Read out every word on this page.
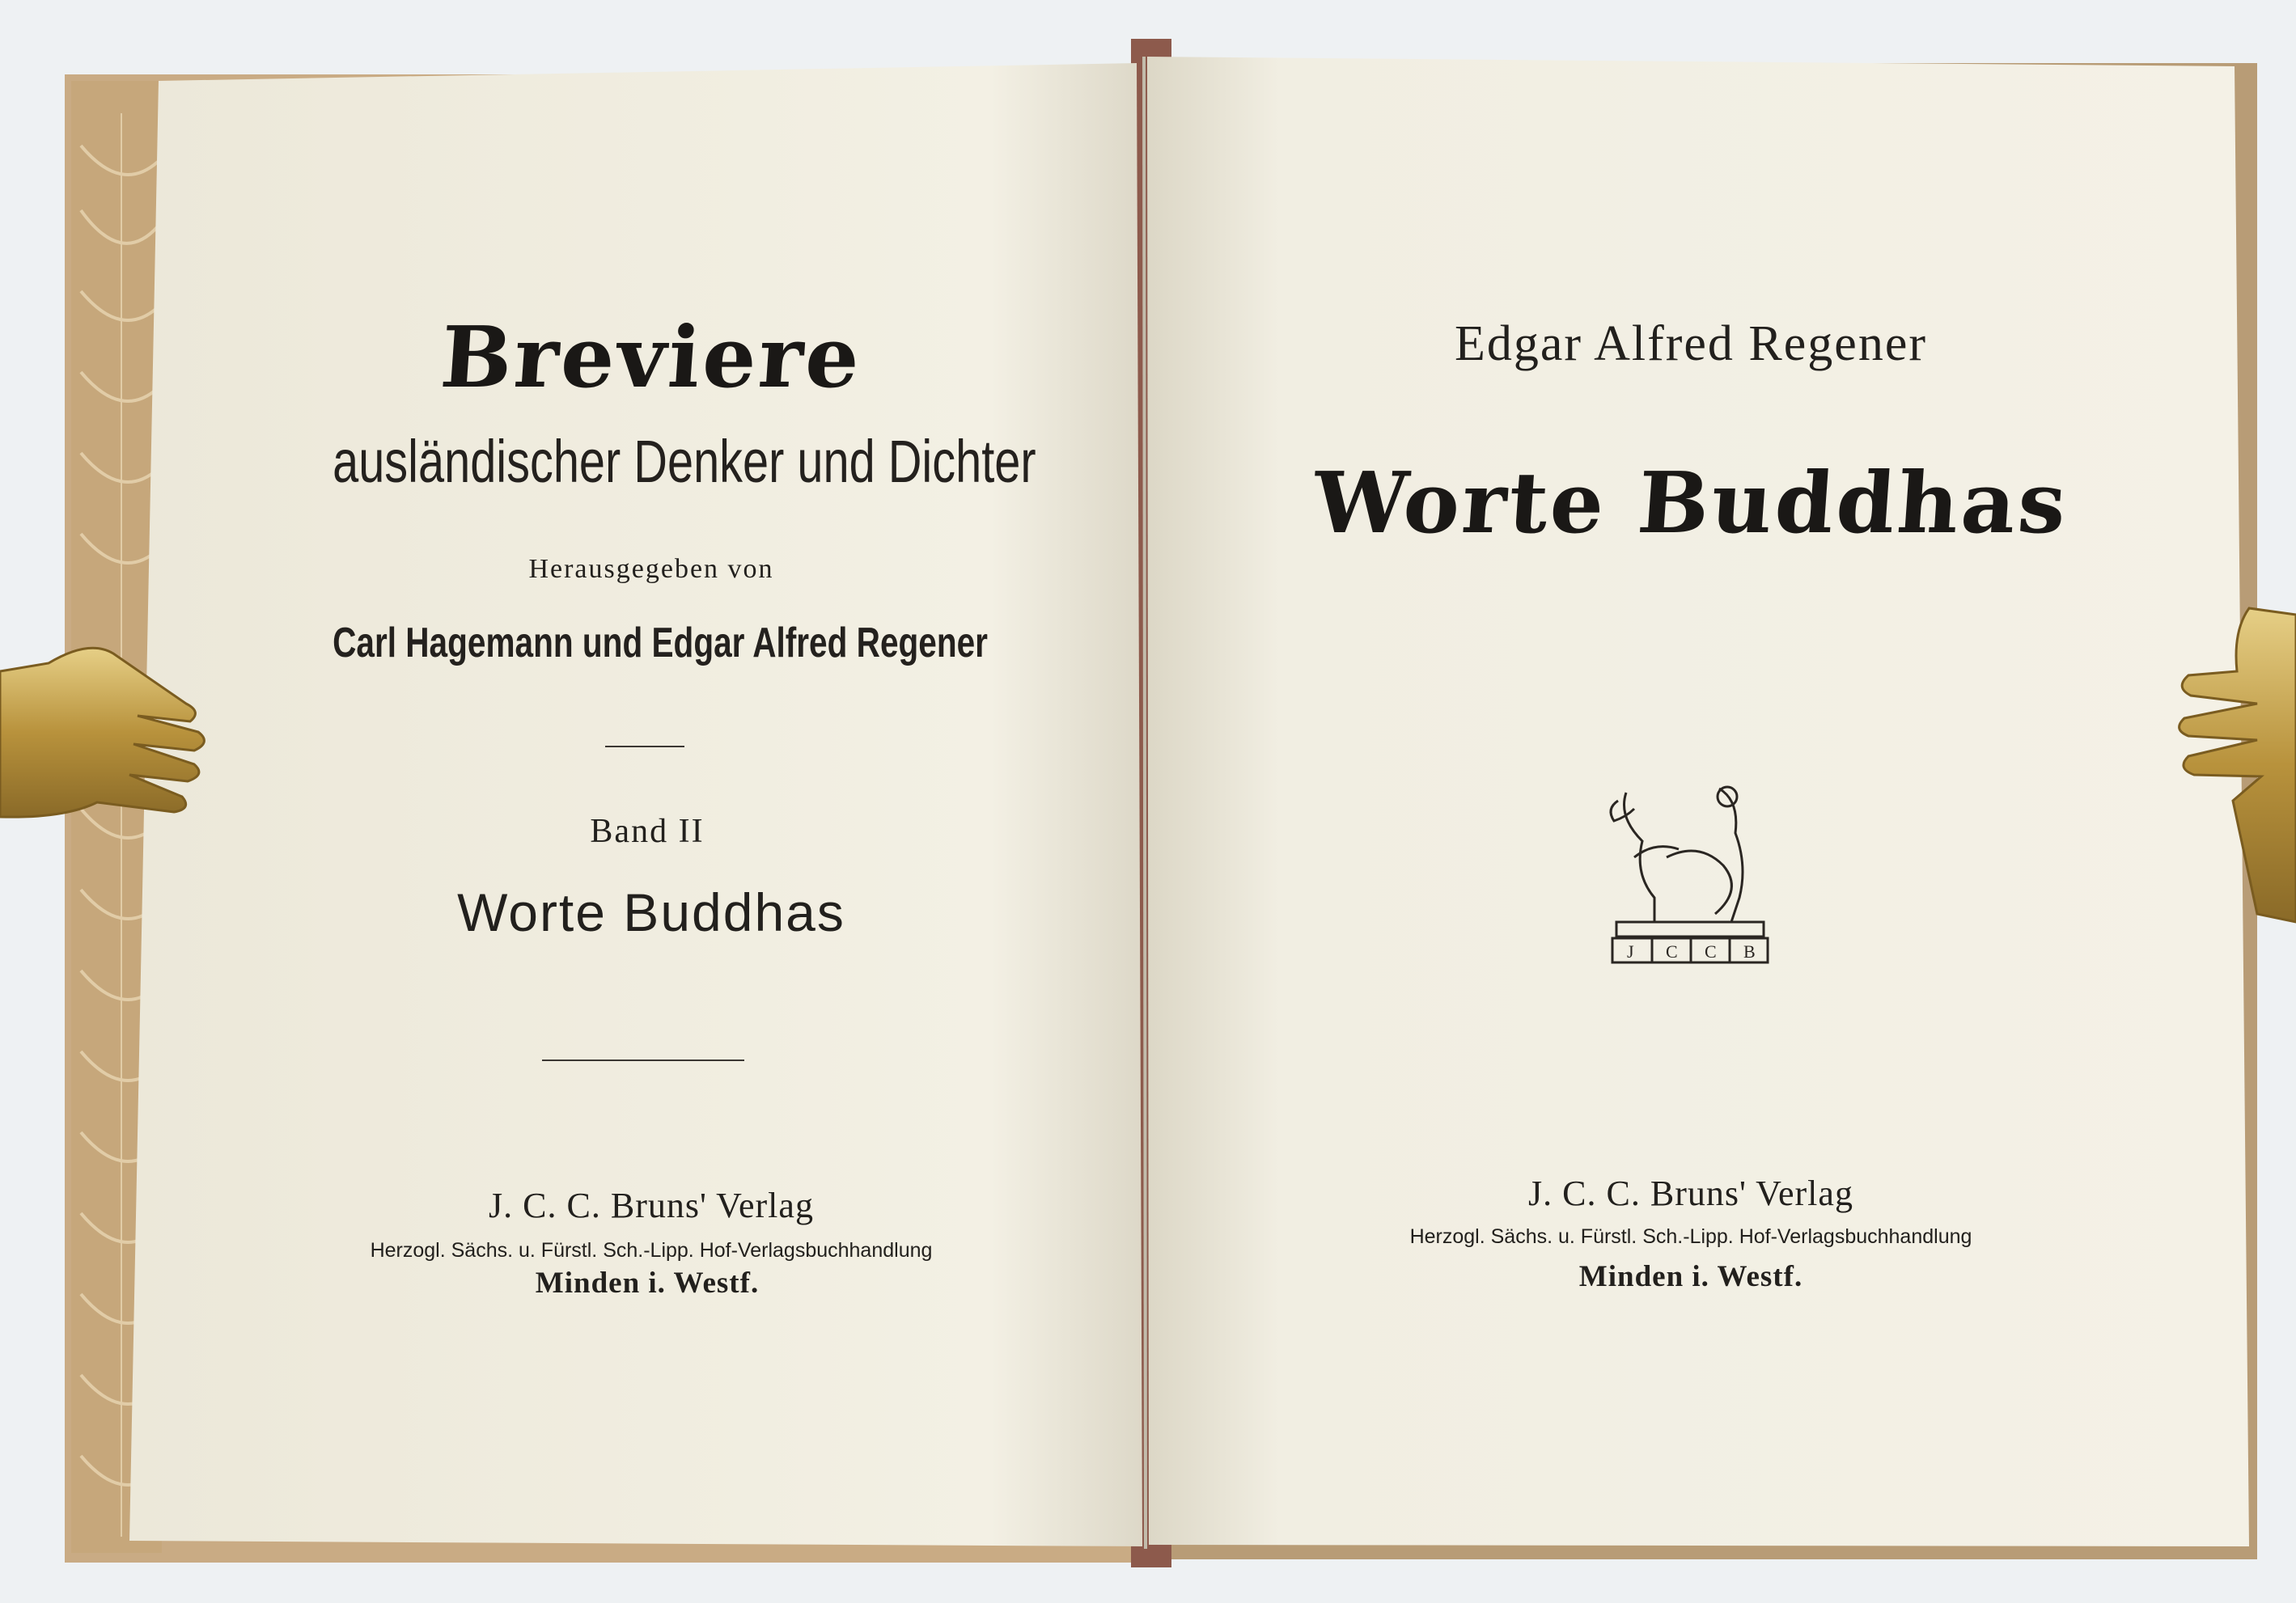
J C C B
Breviere
ausländischer Denker und Dichter
Herausgegeben von
Carl Hagemann und Edgar Alfred Regener
Band II
Worte Buddhas
J. C. C. Bruns' Verlag
Herzogl. Sächs. u. Fürstl. Sch.-Lipp. Hof-Verlagsbuchhandlung
Minden i. Westf.
Edgar Alfred Regener
Worte Buddhas
J. C. C. Bruns' Verlag
Herzogl. Sächs. u. Fürstl. Sch.-Lipp. Hof-Verlagsbuchhandlung
Minden i. Westf.
